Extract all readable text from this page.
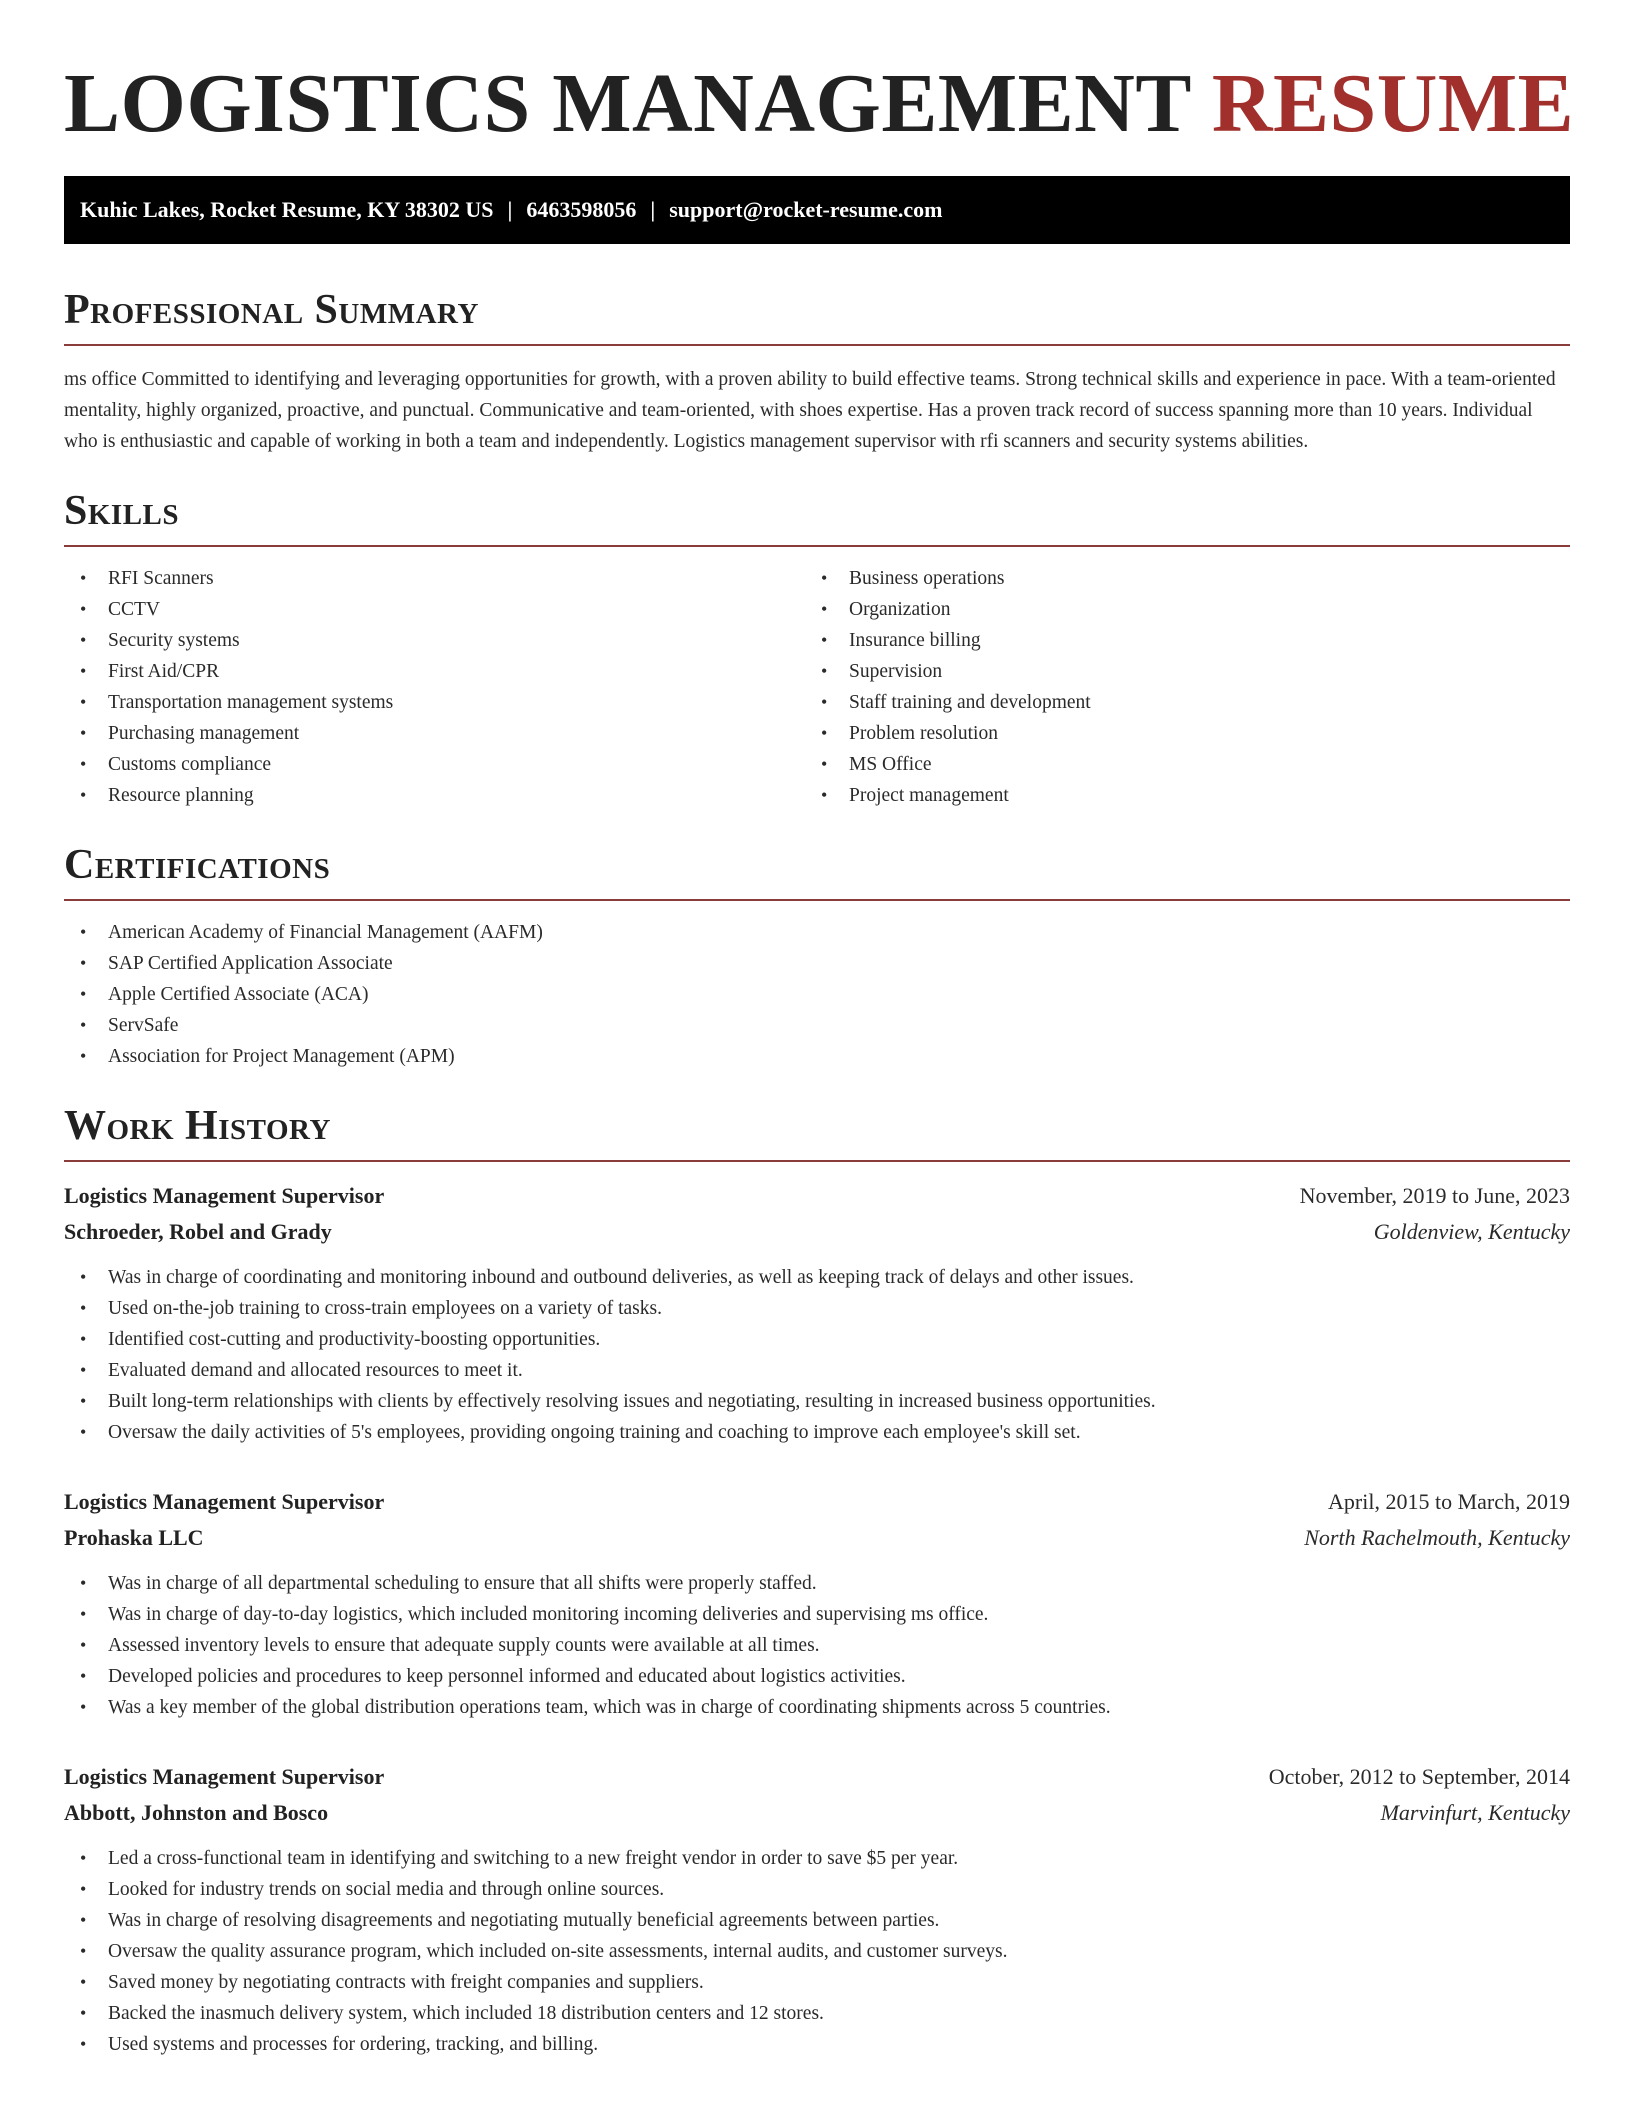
LOGISTICS MANAGEMENT RESUME
Kuhic Lakes, Rocket Resume, KY 38302 US | 6463598056 | support@rocket-resume.com
Professional Summary

ms office Committed to identifying and leveraging opportunities for growth, with a proven ability to build effective teams. Strong technical skills and experience in pace. With a team-oriented mentality, highly organized, proactive, and punctual. Communicative and team-oriented, with shoes expertise. Has a proven track record of success spanning more than 10 years. Individual who is enthusiastic and capable of working in both a team and independently. Logistics management supervisor with rfi scanners and security systems abilities.

Skills
• RFI Scanners
• CCTV
• Security systems
• First Aid/CPR
• Transportation management systems
• Purchasing management
• Customs compliance
• Resource planning
• Business operations
• Organization
• Insurance billing
• Supervision
• Staff training and development
• Problem resolution
• MS Office
• Project management
Certifications
• American Academy of Financial Management (AAFM)
• SAP Certified Application Associate
• Apple Certified Associate (ACA)
• ServSafe
• Association for Project Management (APM)
Work History
Logistics Management Supervisor	November, 2019 to June, 2023
Schroeder, Robel and Grady	Goldenview, Kentucky
• Was in charge of coordinating and monitoring inbound and outbound deliveries, as well as keeping track of delays and other issues.
• Used on-the-job training to cross-train employees on a variety of tasks.
• Identified cost-cutting and productivity-boosting opportunities.
• Evaluated demand and allocated resources to meet it.
• Built long-term relationships with clients by effectively resolving issues and negotiating, resulting in increased business opportunities.
• Oversaw the daily activities of 5's employees, providing ongoing training and coaching to improve each employee's skill set.
Logistics Management Supervisor	April, 2015 to March, 2019
Prohaska LLC	North Rachelmouth, Kentucky
• Was in charge of all departmental scheduling to ensure that all shifts were properly staffed.
• Was in charge of day-to-day logistics, which included monitoring incoming deliveries and supervising ms office.
• Assessed inventory levels to ensure that adequate supply counts were available at all times.
• Developed policies and procedures to keep personnel informed and educated about logistics activities.
• Was a key member of the global distribution operations team, which was in charge of coordinating shipments across 5 countries.
Logistics Management Supervisor	October, 2012 to September, 2014
Abbott, Johnston and Bosco	Marvinfurt, Kentucky
• Led a cross-functional team in identifying and switching to a new freight vendor in order to save $5 per year.
• Looked for industry trends on social media and through online sources.
• Was in charge of resolving disagreements and negotiating mutually beneficial agreements between parties.
• Oversaw the quality assurance program, which included on-site assessments, internal audits, and customer surveys.
• Saved money by negotiating contracts with freight companies and suppliers.
• Backed the inasmuch delivery system, which included 18 distribution centers and 12 stores.
• Used systems and processes for ordering, tracking, and billing.
